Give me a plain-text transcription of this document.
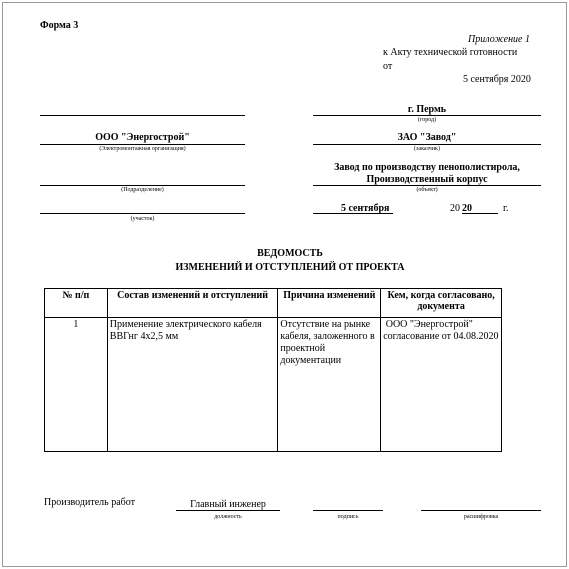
Форма 3
Приложение 1
к Акту технической готовности
от
5 сентября 2020
ООО "Энергострой"
(Электромонтажная организация)
(Подразделение)
(участок)
г. Пермь
(город)
ЗАО "Завод"
(заказчик)
Завод по производству пенополистирола,
Производственный корпус
(объект)
5 сентября	20 20	г.
ВЕДОМОСТЬ
ИЗМЕНЕНИЙ И ОТСТУПЛЕНИЙ ОТ ПРОЕКТА
№ п/п	Состав изменений и отступлений	Причина изменений	Кем, когда согласовано, документа
1	Применение электрического кабеля ВВГнг 4х2,5 мм	Отсутствие на рынке кабеля, заложенного в проектной документации	ООО "Энергострой" согласование от 04.08.2020
Производитель работ	Главный инженер
должность	подпись	расшифровка
